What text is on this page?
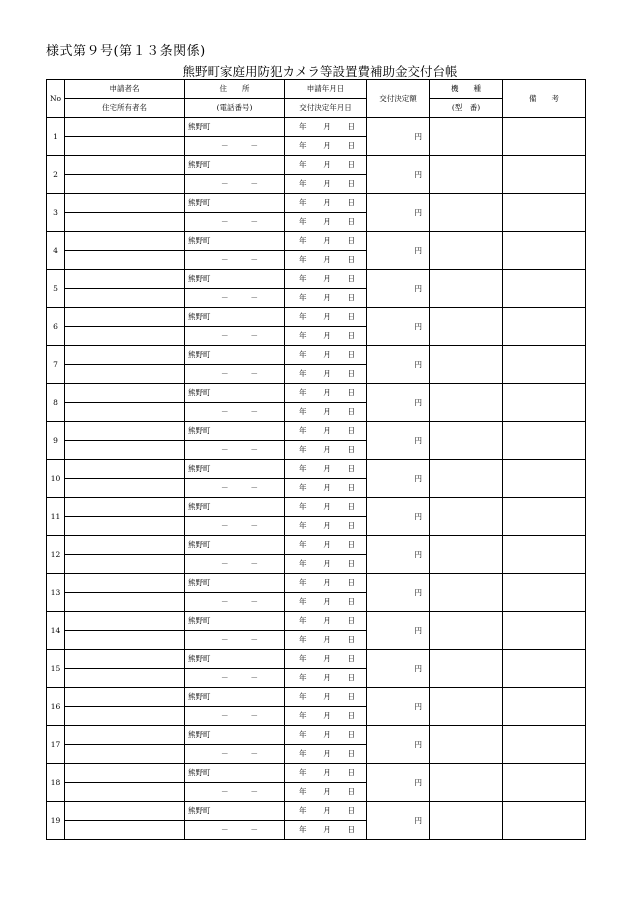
様式第９号(第１３条関係)
熊野町家庭用防犯カメラ等設置費補助金交付台帳
No	申請者名	住　　所	申請年月日	交付決定額	機　　種	備　　考
	住宅所有者名	(電話番号)	交付決定年月日		(型　番)	
1		熊野町	年 月 日	円		
		－ －	年 月 日			
2		熊野町	年 月 日	円		
		－ －	年 月 日			
3		熊野町	年 月 日	円		
		－ －	年 月 日			
4		熊野町	年 月 日	円		
		－ －	年 月 日			
5		熊野町	年 月 日	円		
		－ －	年 月 日			
6		熊野町	年 月 日	円		
		－ －	年 月 日			
7		熊野町	年 月 日	円		
		－ －	年 月 日			
8		熊野町	年 月 日	円		
		－ －	年 月 日			
9		熊野町	年 月 日	円		
		－ －	年 月 日			
10		熊野町	年 月 日	円		
		－ －	年 月 日			
11		熊野町	年 月 日	円		
		－ －	年 月 日			
12		熊野町	年 月 日	円		
		－ －	年 月 日			
13		熊野町	年 月 日	円		
		－ －	年 月 日			
14		熊野町	年 月 日	円		
		－ －	年 月 日			
15		熊野町	年 月 日	円		
		－ －	年 月 日			
16		熊野町	年 月 日	円		
		－ －	年 月 日			
17		熊野町	年 月 日	円		
		－ －	年 月 日			
18		熊野町	年 月 日	円		
		－ －	年 月 日			
19		熊野町	年 月 日	円		
		－ －	年 月 日			
